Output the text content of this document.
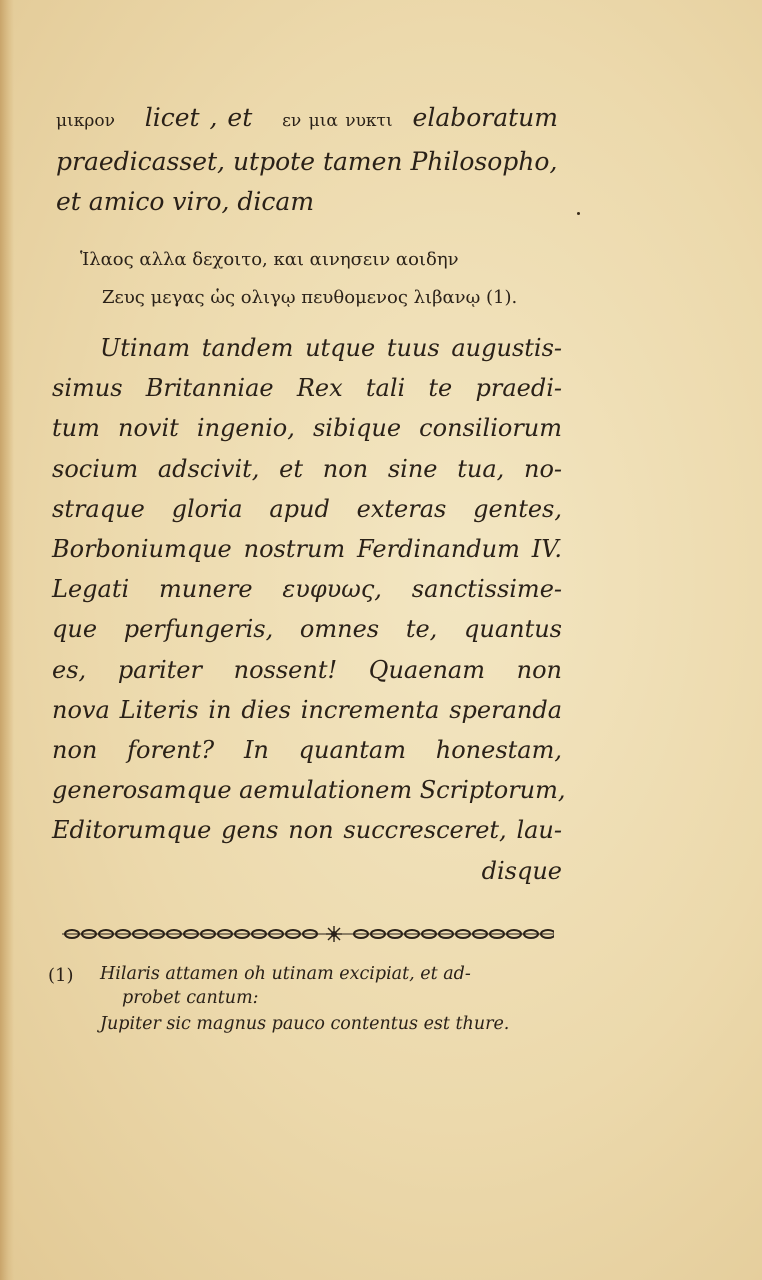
μικρον licet , et εν μια νυκτι elaboratum
praedicasset, utpote tamen Philosopho,
et amico viro, dicam
Ἱλαος αλλα δεχοιτο, και αινησειν αοιδην
Ζευς μεγας ὡς ολιγῳ πευθομενος λιβανῳ (1).
Utinam tandem utque tuus augustis-
simus Britanniae Rex tali te praedi-
tum novit ingenio, sibique consiliorum
socium adscivit, et non sine tua, no-
straque gloria apud exteras gentes,
Borboniumque nostrum Ferdinandum IV.
Legati munere ευφυως, sanctissime-
que perfungeris, omnes te, quantus
es, pariter nossent! Quaenam non
nova Literis in dies incrementa speranda
non forent? In quantam honestam,
generosamque aemulationem Scriptorum,
Editorumque gens non succresceret, lau-
disque
(1) Hilaris attamen oh utinam excipiat, et ad-
probet cantum:
Jupiter sic magnus pauco contentus est thure.
